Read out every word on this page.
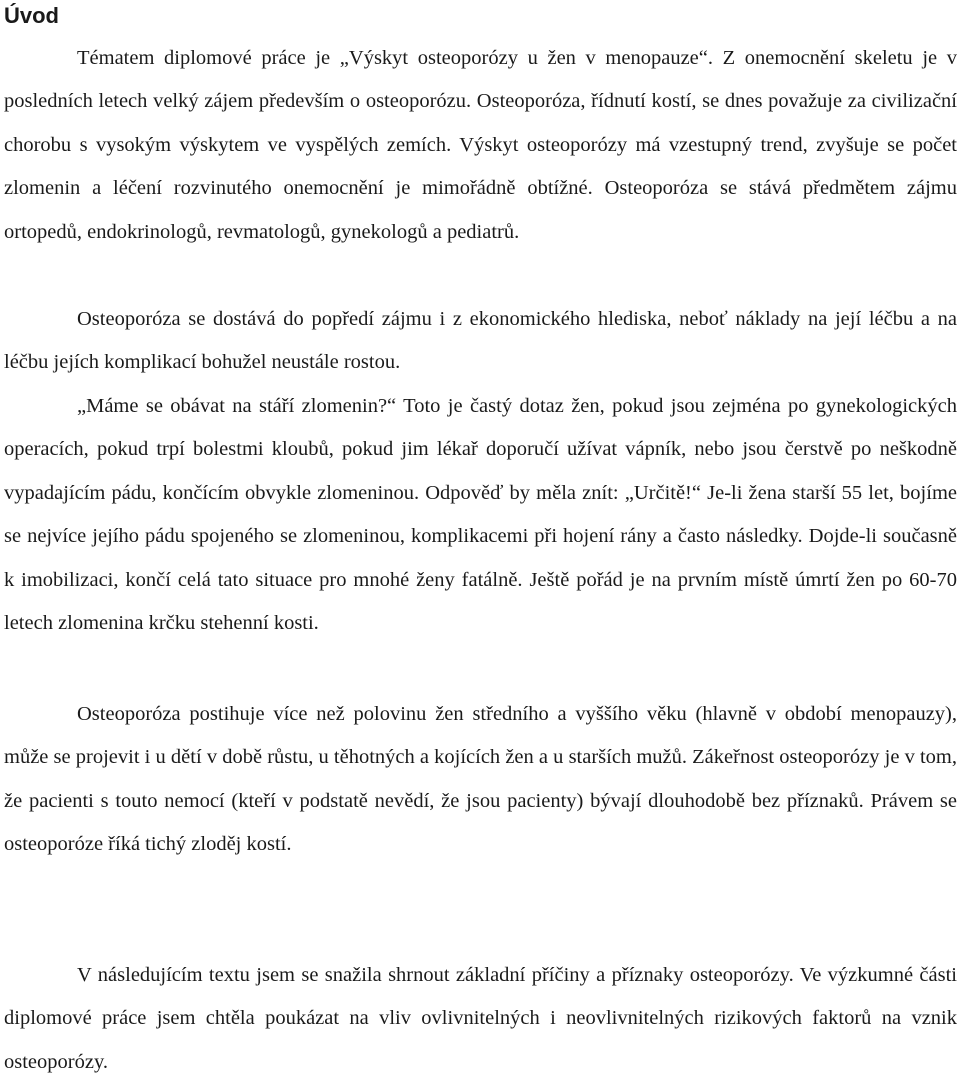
Úvod

Tématem diplomové práce je „Výskyt osteoporózy u žen v menopauze“. Z onemocnění skeletu je v posledních letech velký zájem především o osteoporózu. Osteoporóza, řídnutí kostí, se dnes považuje za civilizační chorobu s vysokým výskytem ve vyspělých zemích. Výskyt osteoporózy má vzestupný trend, zvyšuje se počet zlomenin a léčení rozvinutého onemocnění je mimořádně obtížné. Osteoporóza se stává předmětem zájmu ortopedů, endokrinologů, revmatologů, gynekologů a pediatrů.

Osteoporóza se dostává do popředí zájmu i z ekonomického hlediska, neboť náklady na její léčbu a na léčbu jejích komplikací bohužel neustále rostou.

„Máme se obávat na stáří zlomenin?“ Toto je častý dotaz žen, pokud jsou zejména po gynekologických operacích, pokud trpí bolestmi kloubů, pokud jim lékař doporučí užívat vápník, nebo jsou čerstvě po neškodně vypadajícím pádu, končícím obvykle zlomeninou. Odpověď by měla znít: „Určitě!“ Je-li žena starší 55 let, bojíme se nejvíce jejího pádu spojeného se zlomeninou, komplikacemi při hojení rány a často následky. Dojde-li současně k imobilizaci, končí celá tato situace pro mnohé ženy fatálně. Ještě pořád je na prvním místě úmrtí žen po 60-70 letech zlomenina krčku stehenní kosti.

Osteoporóza postihuje více než polovinu žen středního a vyššího věku (hlavně v období menopauzy), může se projevit i u dětí v době růstu, u těhotných a kojících žen a u starších mužů. Zákeřnost osteoporózy je v tom, že pacienti s touto nemocí (kteří v podstatě nevědí, že jsou pacienty) bývají dlouhodobě bez příznaků. Právem se osteoporóze říká tichý zloděj kostí.

V následujícím textu jsem se snažila shrnout základní příčiny a příznaky osteoporózy. Ve výzkumné části diplomové práce jsem chtěla poukázat na vliv ovlivnitelných i neovlivnitelných rizikových faktorů na vznik osteoporózy.
